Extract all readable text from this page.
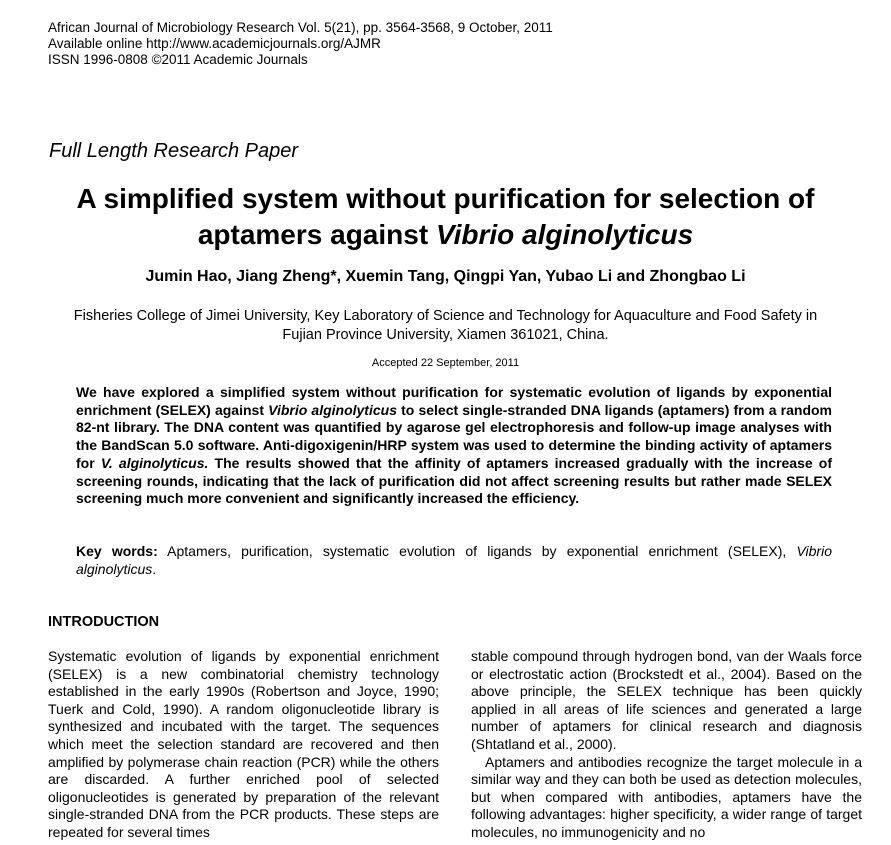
African Journal of Microbiology Research Vol. 5(21), pp. 3564-3568, 9 October, 2011
Available online http://www.academicjournals.org/AJMR
ISSN 1996-0808 ©2011 Academic Journals
Full Length Research Paper
A simplified system without purification for selection of
aptamers against Vibrio alginolyticus
Jumin Hao, Jiang Zheng*, Xuemin Tang, Qingpi Yan, Yubao Li and Zhongbao Li
Fisheries College of Jimei University, Key Laboratory of Science and Technology for Aquaculture and Food Safety in
Fujian Province University, Xiamen 361021, China.
Accepted 22 September, 2011
We have explored a simplified system without purification for systematic evolution of ligands by exponential enrichment (SELEX) against Vibrio alginolyticus to select single-stranded DNA ligands (aptamers) from a random 82-nt library. The DNA content was quantified by agarose gel electrophoresis and follow-up image analyses with the BandScan 5.0 software. Anti-digoxigenin/HRP system was used to determine the binding activity of aptamers for V. alginolyticus. The results showed that the affinity of aptamers increased gradually with the increase of screening rounds, indicating that the lack of purification did not affect screening results but rather made SELEX screening much more convenient and significantly increased the efficiency.
Key words: Aptamers, purification, systematic evolution of ligands by exponential enrichment (SELEX), Vibrio alginolyticus.
INTRODUCTION

Systematic evolution of ligands by exponential enrichment (SELEX) is a new combinatorial chemistry technology established in the early 1990s (Robertson and Joyce, 1990; Tuerk and Cold, 1990). A random oligonucleotide library is synthesized and incubated with the target. The sequences which meet the selection standard are recovered and then amplified by polymerase chain reaction (PCR) while the others are discarded. A further enriched pool of selected oligonucleotides is generated by preparation of the relevant single-stranded DNA from the PCR products. These steps are repeated for several times

stable compound through hydrogen bond, van der Waals force or electrostatic action (Brockstedt et al., 2004). Based on the above principle, the SELEX technique has been quickly applied in all areas of life sciences and generated a large number of aptamers for clinical research and diagnosis (Shtatland et al., 2000).

Aptamers and antibodies recognize the target molecule in a similar way and they can both be used as detection molecules, but when compared with antibodies, aptamers have the following advantages: higher specificity, a wider range of target molecules, no immunogenicity and no
